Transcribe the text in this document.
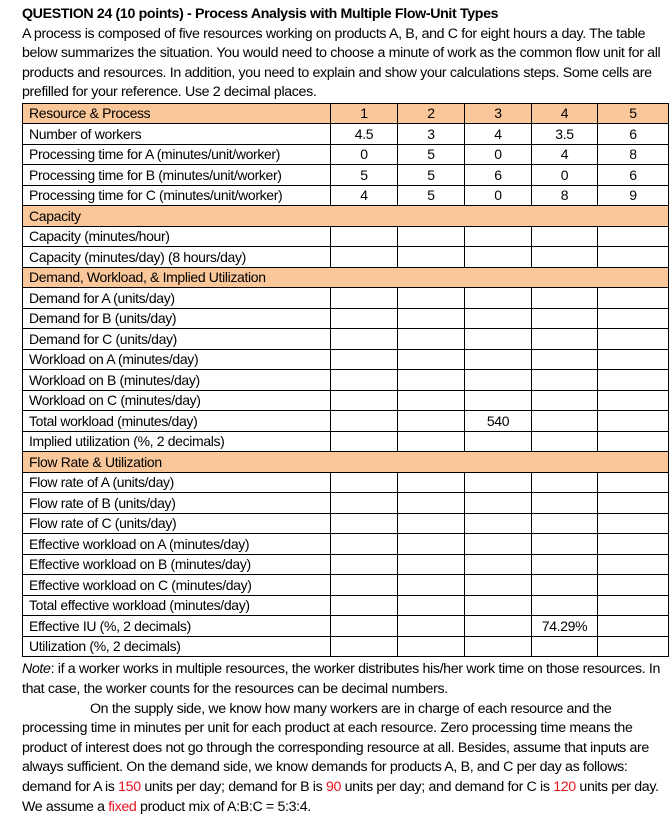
QUESTION 24 (10 points) - Process Analysis with Multiple Flow-Unit Types
A process is composed of five resources working on products A, B, and C for eight hours a day. The table below summarizes the situation. You would need to choose a minute of work as the common flow unit for all products and resources. In addition, you need to explain and show your calculations steps. Some cells are prefilled for your reference. Use 2 decimal places.
Resource & Process	1	2	3	4	5
Number of workers	4.5	3	4	3.5	6
Processing time for A (minutes/unit/worker)	0	5	0	4	8
Processing time for B (minutes/unit/worker)	5	5	6	0	6
Processing time for C (minutes/unit/worker)	4	5	0	8	9
Capacity					
Capacity (minutes/hour)					
Capacity (minutes/day) (8 hours/day)					
Demand, Workload, & Implied Utilization					
Demand for A (units/day)					
Demand for B (units/day)					
Demand for C (units/day)					
Workload on A (minutes/day)					
Workload on B (minutes/day)					
Workload on C (minutes/day)					
Total workload (minutes/day)			540		
Implied utilization (%, 2 decimals)					
Flow Rate & Utilization					
Flow rate of A (units/day)					
Flow rate of B (units/day)					
Flow rate of C (units/day)					
Effective workload on A (minutes/day)					
Effective workload on B (minutes/day)					
Effective workload on C (minutes/day)					
Total effective workload (minutes/day)					
Effective IU (%, 2 decimals)				74.29%	
Utilization (%, 2 decimals)					
Note: if a worker works in multiple resources, the worker distributes his/her work time on those resources. In that case, the worker counts for the resources can be decimal numbers.
On the supply side, we know how many workers are in charge of each resource and the processing time in minutes per unit for each product at each resource. Zero processing time means the product of interest does not go through the corresponding resource at all. Besides, assume that inputs are always sufficient. On the demand side, we know demands for products A, B, and C per day as follows: demand for A is 150 units per day; demand for B is 90 units per day; and demand for C is 120 units per day. We assume a fixed product mix of A:B:C = 5:3:4.
